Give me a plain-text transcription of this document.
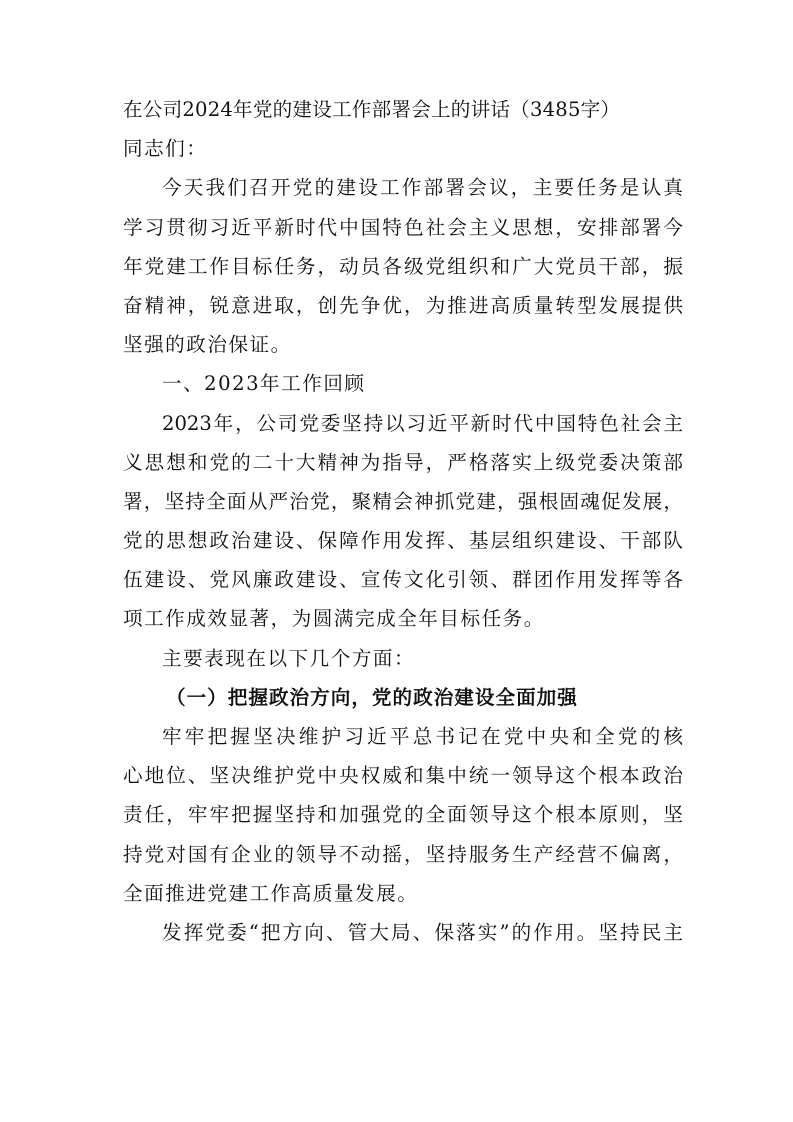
在公司2024年党的建设工作部署会上的讲话（3485字）
同志们：
今天我们召开党的建设工作部署会议，主要任务是认真
学习贯彻习近平新时代中国特色社会主义思想，安排部署今
年党建工作目标任务，动员各级党组织和广大党员干部，振
奋精神，锐意进取，创先争优，为推进高质量转型发展提供
坚强的政治保证。
一、2023年工作回顾
2023年，公司党委坚持以习近平新时代中国特色社会主
义思想和党的二十大精神为指导，严格落实上级党委决策部
署，坚持全面从严治党，聚精会神抓党建，强根固魂促发展，
党的思想政治建设、保障作用发挥、基层组织建设、干部队
伍建设、党风廉政建设、宣传文化引领、群团作用发挥等各
项工作成效显著，为圆满完成全年目标任务。
主要表现在以下几个方面：
（一）把握政治方向，党的政治建设全面加强
牢牢把握坚决维护习近平总书记在党中央和全党的核
心地位、坚决维护党中央权威和集中统一领导这个根本政治
责任，牢牢把握坚持和加强党的全面领导这个根本原则，坚
持党对国有企业的领导不动摇，坚持服务生产经营不偏离，
全面推进党建工作高质量发展。
发挥党委“把方向、管大局、保落实”的作用。坚持民主
